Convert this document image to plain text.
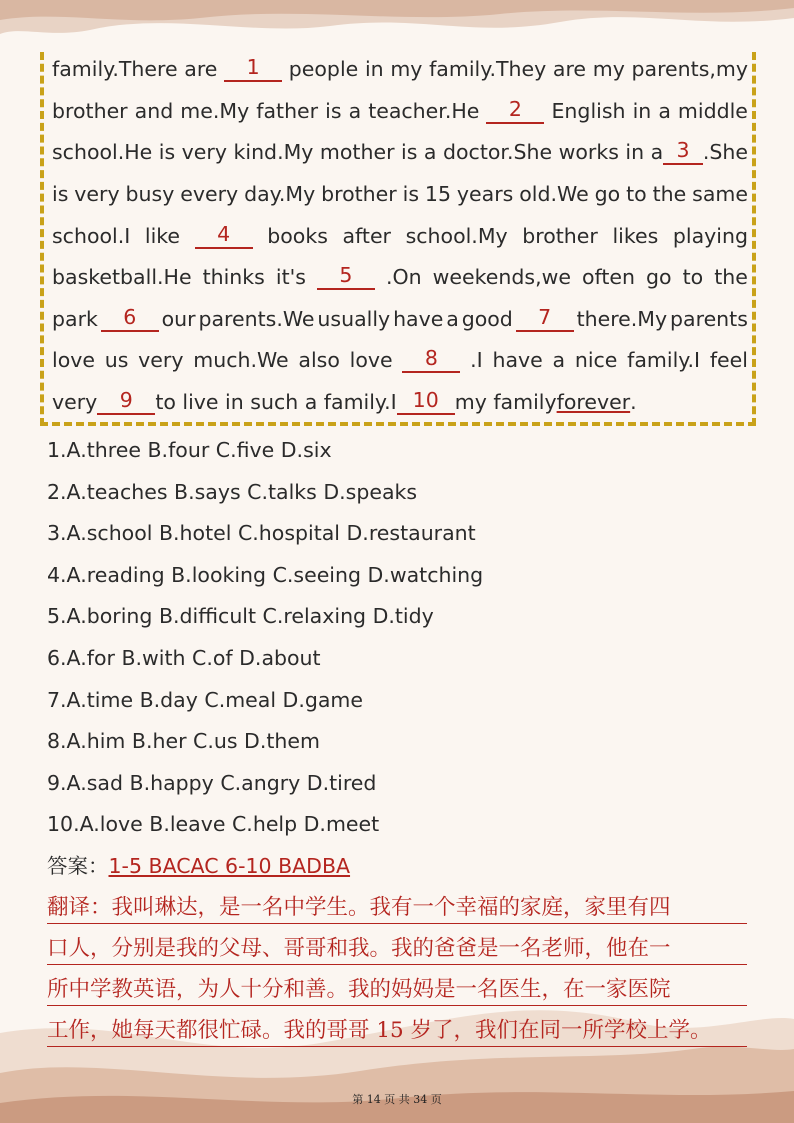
family.There are	1	people in my family.They are my parents,my
brother and me.My father is a teacher.He	2	English in a middle
school.He is very kind.My mother is a doctor.She works in a 3 .She
is very busy every day.My brother is 15 years old.We go to the same
school.I like	4	books after school.My brother likes playing
basketball.He thinks it's	5	.On weekends,we often go to the
park	6	our parents.We usually have a good	7	there.My parents
love us very much.We also love	8	.I have a nice family.I feel
very	9	to live in such a family.I 10 my family forever .
1.A.three B.four C.five D.six
2.A.teaches B.says C.talks D.speaks
3.A.school B.hotel C.hospital D.restaurant
4.A.reading B.looking C.seeing D.watching
5.A.boring B.difficult C.relaxing D.tidy
6.A.for B.with C.of D.about
7.A.time B.day C.meal D.game
8.A.him B.her C.us D.them
9.A.sad B.happy C.angry D.tired
10.A.love B.leave C.help D.meet
答案：1-5 BACAC 6-10 BADBA
翻译：我叫琳达，是一名中学生。我有一个幸福的家庭，家里有四
口人，分别是我的父母、哥哥和我。我的爸爸是一名老师，他在一
所中学教英语，为人十分和善。我的妈妈是一名医生，在一家医院
工作，她每天都很忙碌。我的哥哥 15 岁了，我们在同一所学校上学。
第 14 页 共 34 页
